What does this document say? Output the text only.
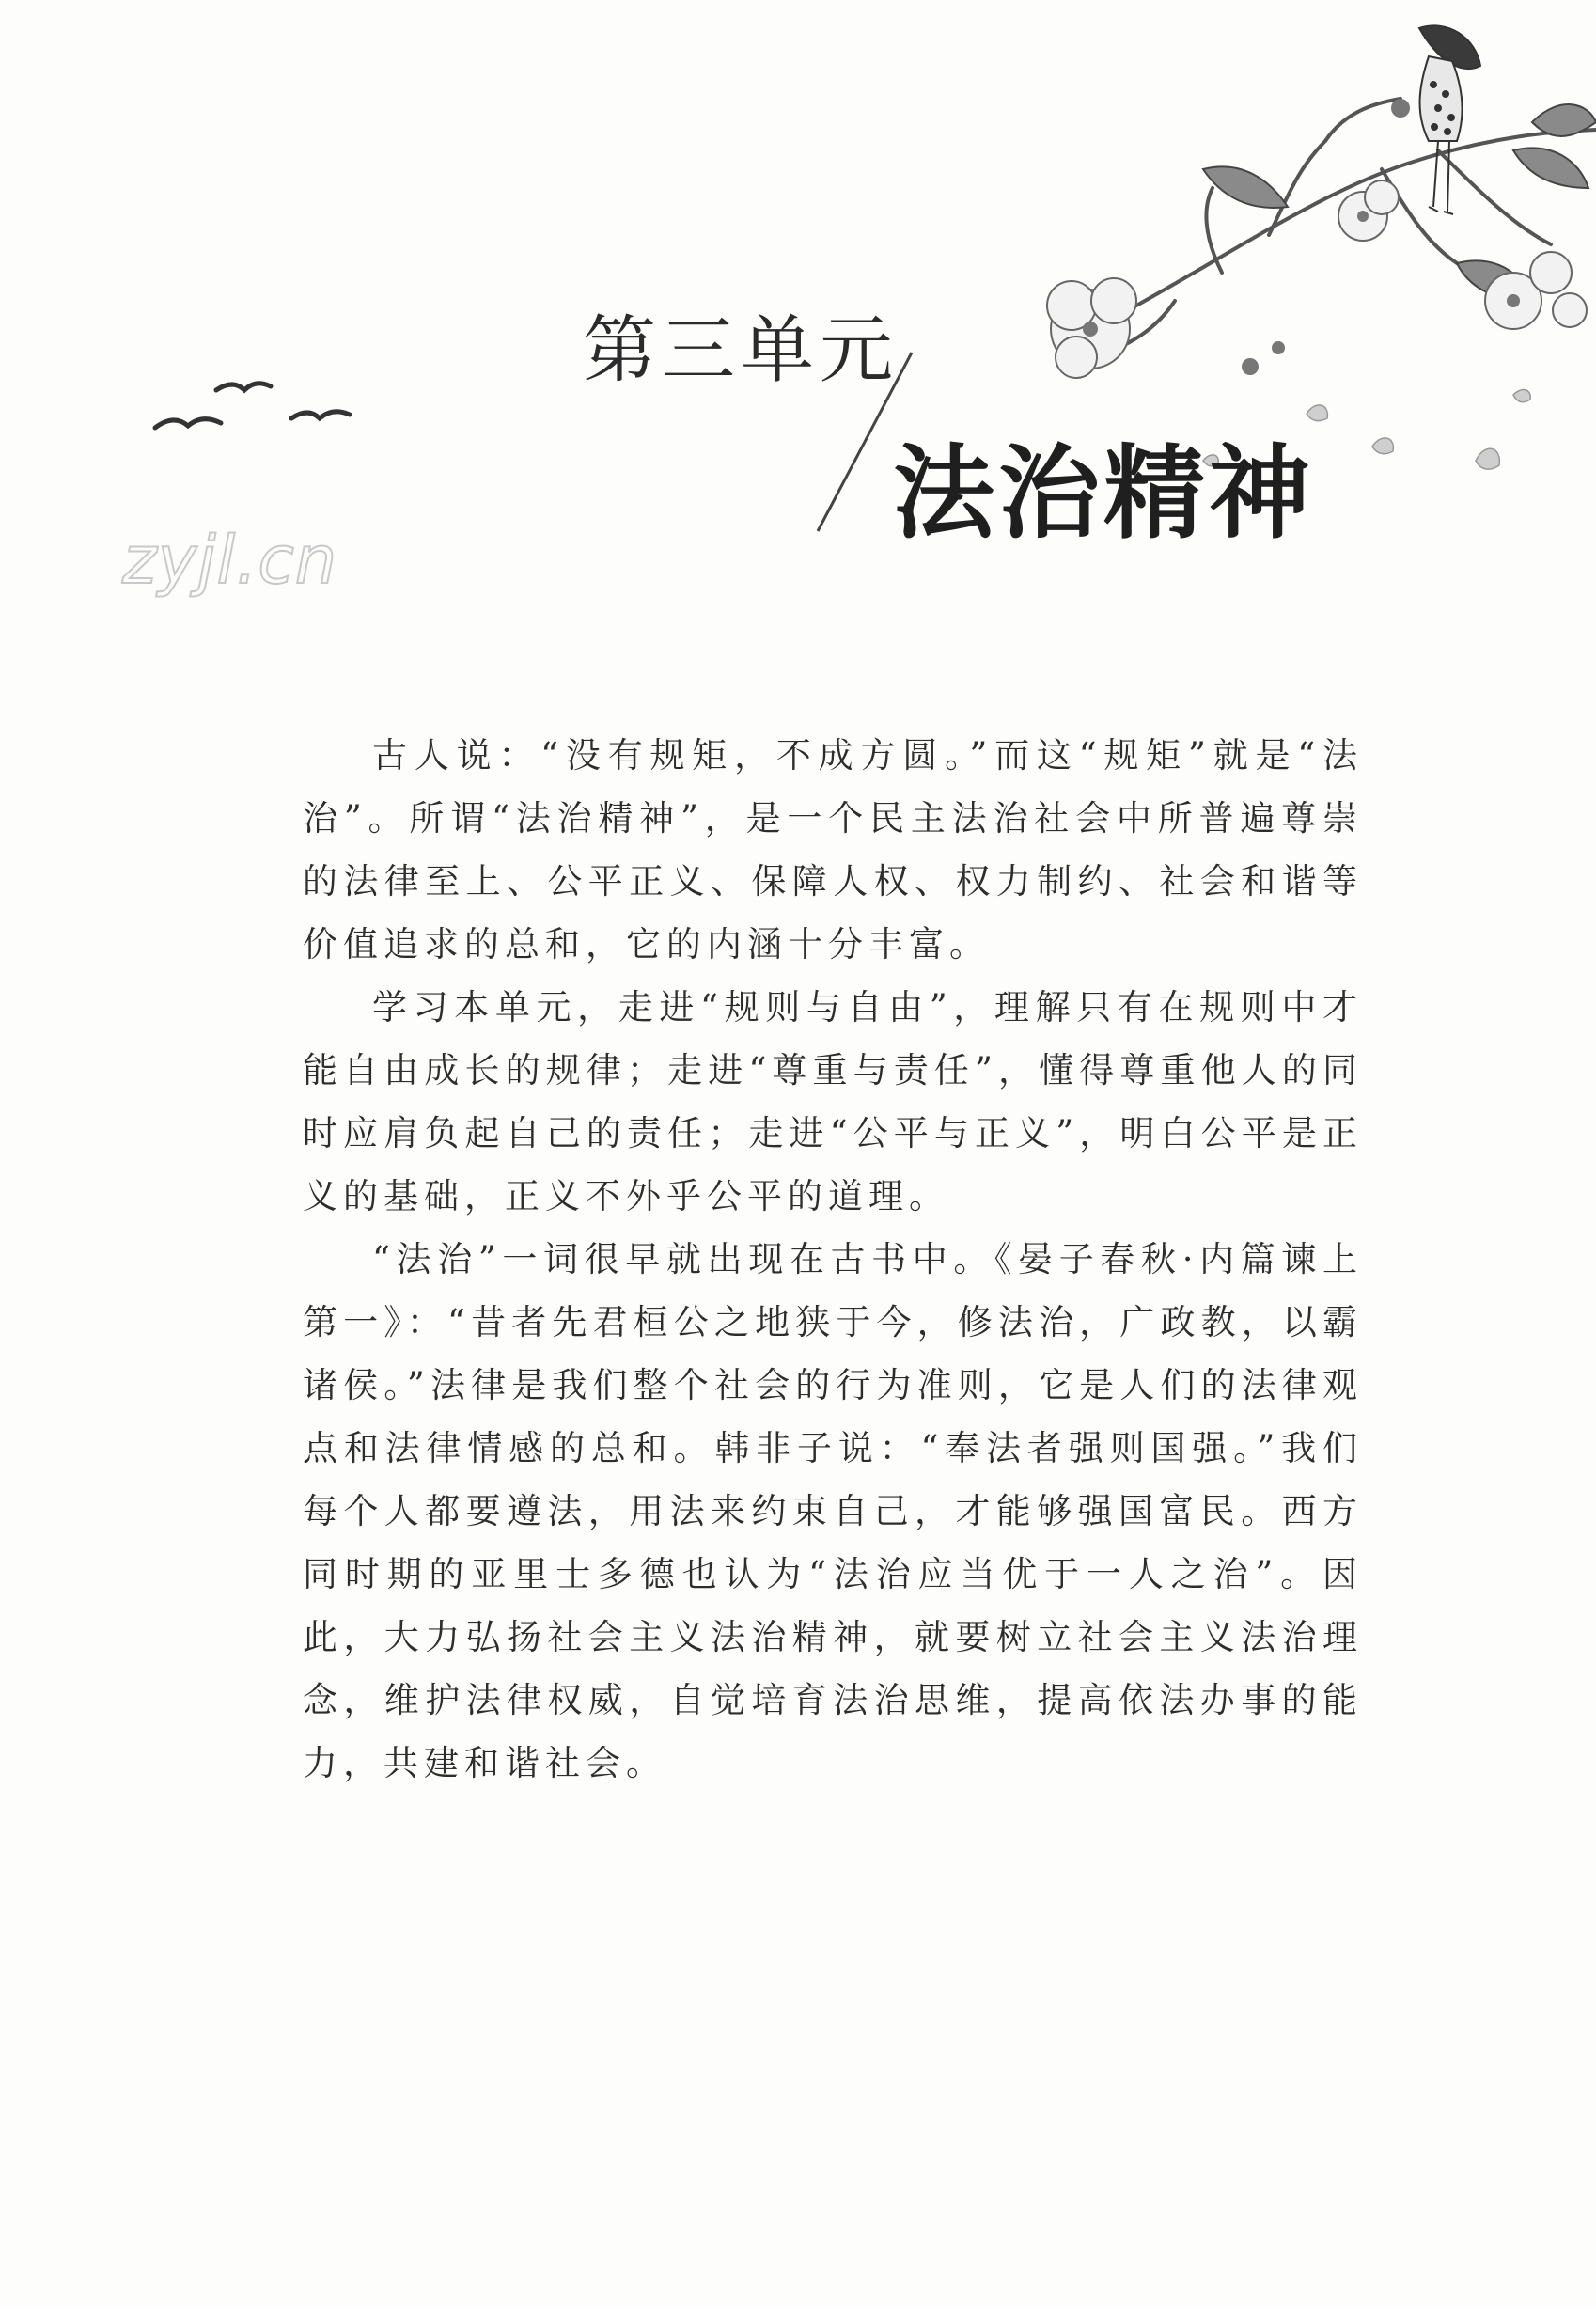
第三单元
法治精神
zyjl.cn

古人说：“没有规矩，不成方圆。”而这“规矩”就是“法治”。所谓“法治精神”，是一个民主法治社会中所普遍尊崇的法律至上、公平正义、保障人权、权力制约、社会和谐等价值追求的总和，它的内涵十分丰富。

学习本单元，走进“规则与自由”，理解只有在规则中才能自由成长的规律；走进“尊重与责任”，懂得尊重他人的同时应肩负起自己的责任；走进“公平与正义”，明白公平是正义的基础，正义不外乎公平的道理。

“法治”一词很早就出现在古书中。《晏子春秋·内篇谏上第一》：“昔者先君桓公之地狭于今，修法治，广政教，以霸诸侯。”法律是我们整个社会的行为准则，它是人们的法律观点和法律情感的总和。韩非子说：“奉法者强则国强。”我们每个人都要遵法，用法来约束自己，才能够强国富民。西方同时期的亚里士多德也认为“法治应当优于一人之治”。因此，大力弘扬社会主义法治精神，就要树立社会主义法治理念，维护法律权威，自觉培育法治思维，提高依法办事的能力，共建和谐社会。
